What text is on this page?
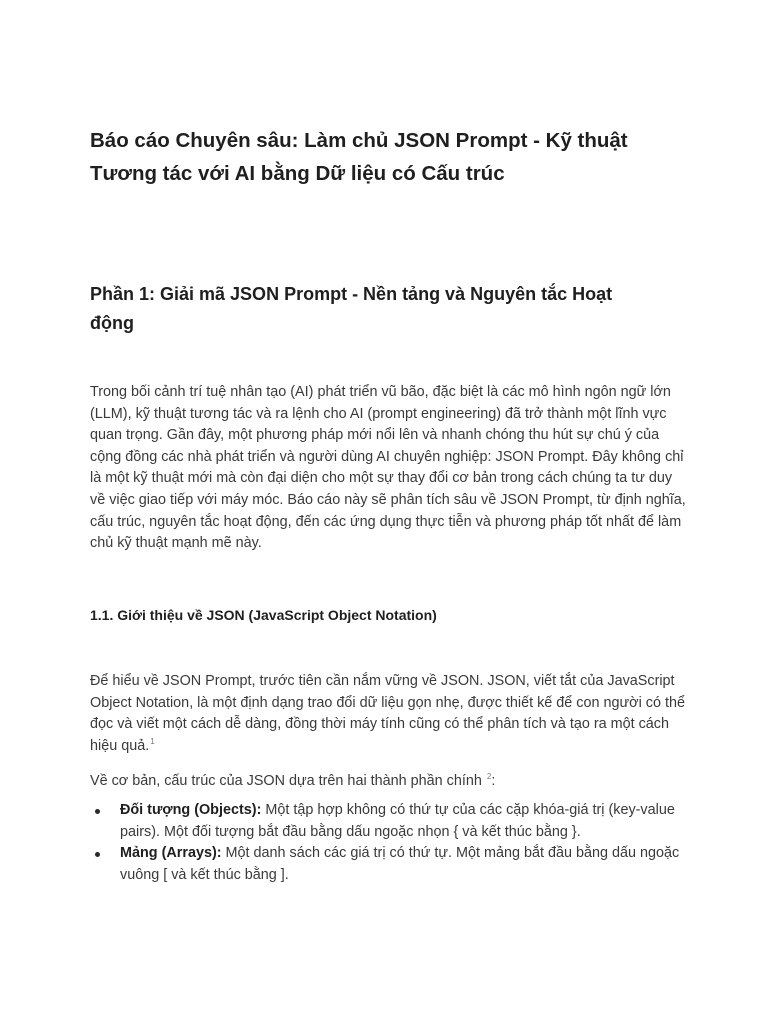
Báo cáo Chuyên sâu: Làm chủ JSON Prompt - Kỹ thuật Tương tác với AI bằng Dữ liệu có Cấu trúc
Phần 1: Giải mã JSON Prompt - Nền tảng và Nguyên tắc Hoạt động

Trong bối cảnh trí tuệ nhân tạo (AI) phát triển vũ bão, đặc biệt là các mô hình ngôn ngữ lớn (LLM), kỹ thuật tương tác và ra lệnh cho AI (prompt engineering) đã trở thành một lĩnh vực quan trọng. Gần đây, một phương pháp mới nổi lên và nhanh chóng thu hút sự chú ý của cộng đồng các nhà phát triển và người dùng AI chuyên nghiệp: JSON Prompt. Đây không chỉ là một kỹ thuật mới mà còn đại diện cho một sự thay đổi cơ bản trong cách chúng ta tư duy về việc giao tiếp với máy móc. Báo cáo này sẽ phân tích sâu về JSON Prompt, từ định nghĩa, cấu trúc, nguyên tắc hoạt động, đến các ứng dụng thực tiễn và phương pháp tốt nhất để làm chủ kỹ thuật mạnh mẽ này.

1.1. Giới thiệu về JSON (JavaScript Object Notation)

Để hiểu về JSON Prompt, trước tiên cần nắm vững về JSON. JSON, viết tắt của JavaScript Object Notation, là một định dạng trao đổi dữ liệu gọn nhẹ, được thiết kế để con người có thể đọc và viết một cách dễ dàng, đồng thời máy tính cũng có thể phân tích và tạo ra một cách hiệu quả.$^1$

Về cơ bản, cấu trúc của JSON dựa trên hai thành phần chính $^2$:

Đối tượng (Objects): Một tập hợp không có thứ tự của các cặp khóa-giá trị (key-value pairs). Một đối tượng bắt đầu bằng dấu ngoặc nhọn { và kết thúc bằng }.
Mảng (Arrays): Một danh sách các giá trị có thứ tự. Một mảng bắt đầu bằng dấu ngoặc vuông [ và kết thúc bằng ].
